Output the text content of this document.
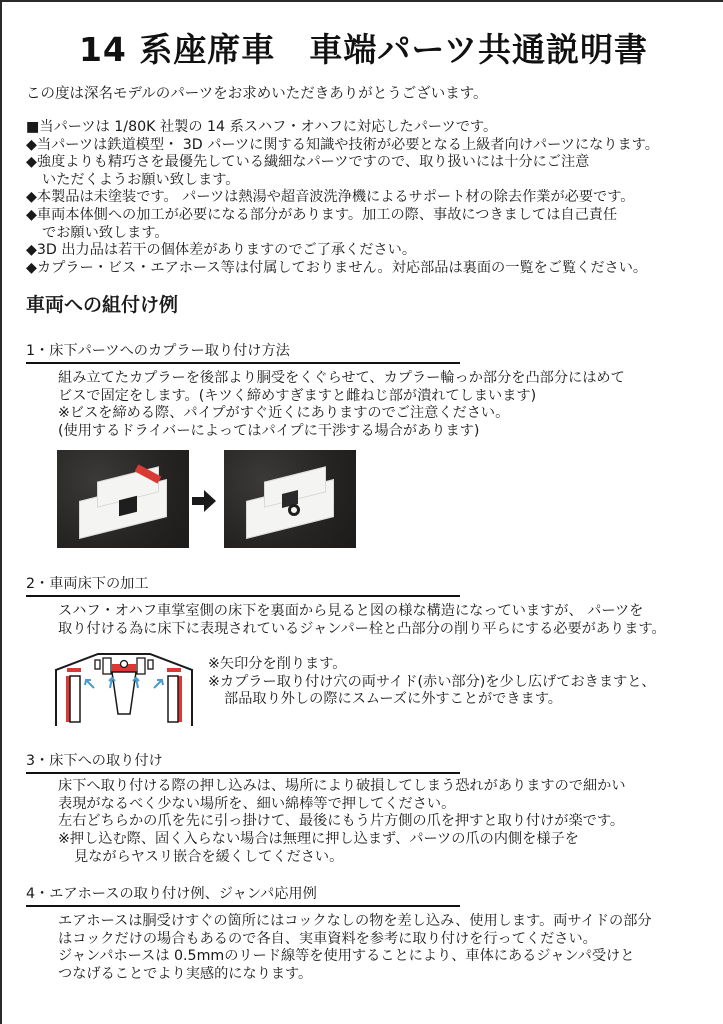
14 系座席車　車端パーツ共通説明書
この度は深名モデルのパーツをお求めいただきありがとうございます。
■当パーツは 1/80K 社製の 14 系スハフ・オハフに対応したパーツです。
◆当パーツは鉄道模型・ 3D パーツに関する知識や技術が必要となる上級者向けパーツになります。
◆強度よりも精巧さを最優先している繊細なパーツですので、取り扱いには十分にご注意
いただくようお願い致します。
◆本製品は未塗装です。 パーツは熱湯や超音波洗浄機によるサポート材の除去作業が必要です。
◆車両本体側への加工が必要になる部分があります。加工の際、事故につきましては自己責任
でお願い致します。
◆3D 出力品は若干の個体差がありますのでご了承ください。
◆カプラー・ビス・エアホース等は付属しておりません。対応部品は裏面の一覧をご覧ください。
車両への組付け例
1・床下パーツへのカプラー取り付け方法
組み立てたカプラーを後部より胴受をくぐらせて、カプラー輪っか部分を凸部分にはめて
ビスで固定をします。(キツく締めすぎますと雌ねじ部が潰れてしまいます)
※ビスを締める際、パイプがすぐ近くにありますのでご注意ください。
(使用するドライバーによってはパイプに干渉する場合があります)
2・車両床下の加工
スハフ・オハフ車掌室側の床下を裏面から見ると図の様な構造になっていますが、 パーツを
取り付ける為に床下に表現されているジャンパー栓と凸部分の削り平らにする必要があります。
※矢印分を削ります。
※カプラー取り付け穴の両サイド(赤い部分)を少し広げておきますと、
部品取り外しの際にスムーズに外すことができます。
3・床下への取り付け
床下へ取り付ける際の押し込みは、場所により破損してしまう恐れがありますので細かい
表現がなるべく少ない場所を、細い綿棒等で押してください。
左右どちらかの爪を先に引っ掛けて、最後にもう片方側の爪を押すと取り付けが楽です。
※押し込む際、固く入らない場合は無理に押し込まず、パーツの爪の内側を様子を
見ながらヤスリ嵌合を緩くしてください。
4・エアホースの取り付け例、ジャンパ応用例
エアホースは胴受けすぐの箇所にはコックなしの物を差し込み、使用します。両サイドの部分
はコックだけの場合もあるので各自、実車資料を参考に取り付けを行ってください。
ジャンパホースは 0.5mmのリード線等を使用することにより、車体にあるジャンパ受けと
つなげることでより実感的になります。
